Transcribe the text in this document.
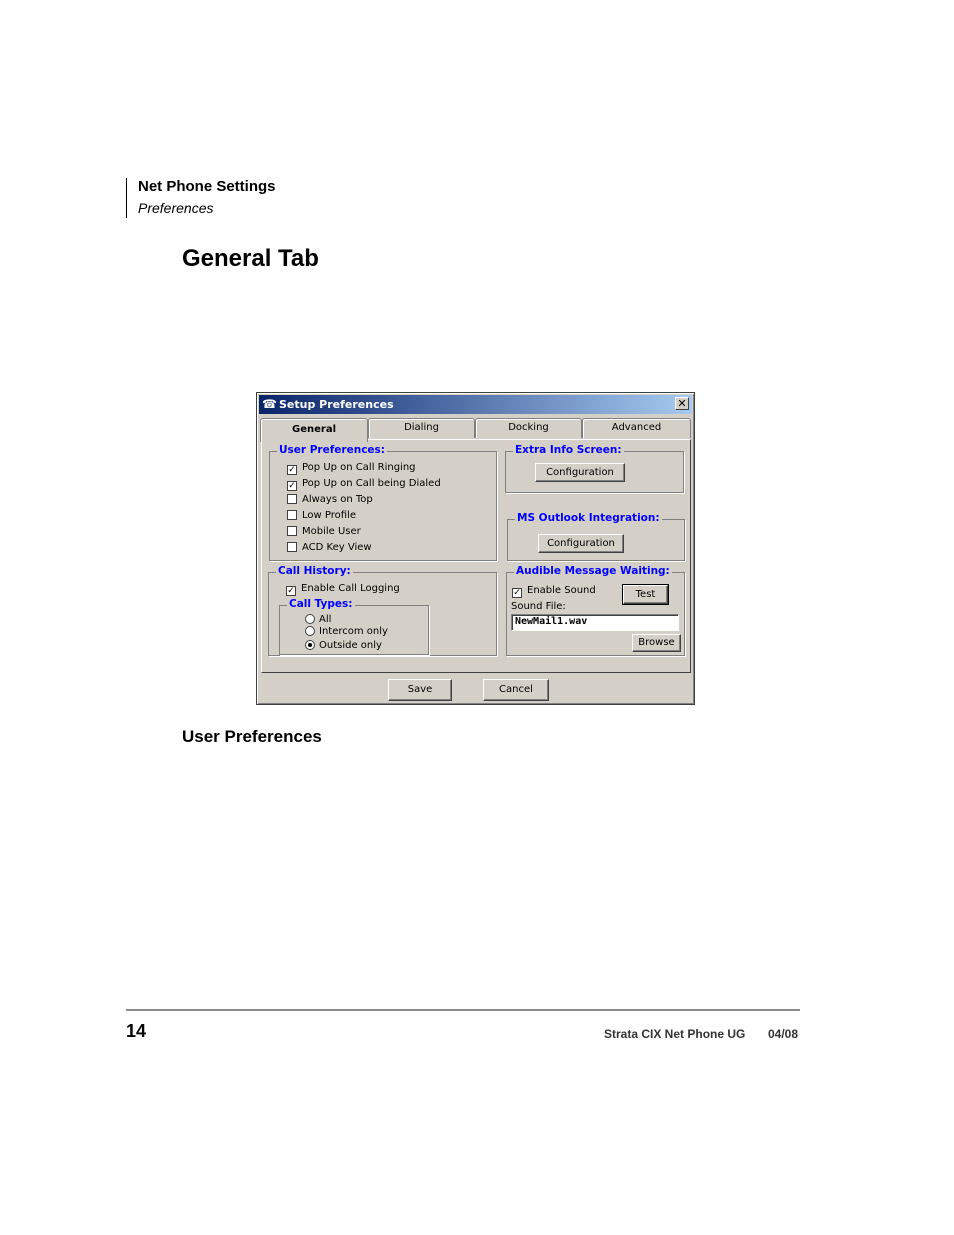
Net Phone Settings
Preferences
General Tab
☎ Setup Preferences	✕
General	Dialing	Docking	Advanced
User Preferences:
✓ Pop Up on Call Ringing
✓ Pop Up on Call being Dialed
Always on Top
Low Profile
Mobile User
ACD Key View
Extra Info Screen:
Configuration
MS Outlook Integration:
Configuration
Call History:
✓ Enable Call Logging
Call Types:
All
Intercom only
Outside only
Audible Message Waiting:
✓ Enable Sound	Test
Sound File:
NewMail1.wav
Browse
Save	Cancel
User Preferences
14	Strata CIX Net Phone UG 04/08
